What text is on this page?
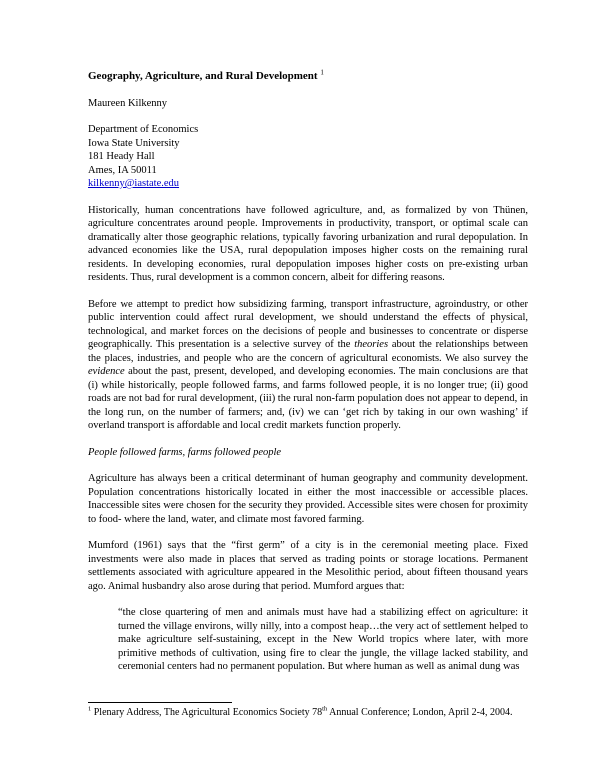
Geography, Agriculture, and Rural Development $^1$
Maureen Kilkenny
Department of Economics
Iowa State University
181 Heady Hall
Ames, IA 50011
kilkenny@iastate.edu

Historically, human concentrations have followed agriculture, and, as formalized by von Thünen, agriculture concentrates around people. Improvements in productivity, transport, or optimal scale can dramatically alter those geographic relations, typically favoring urbanization and rural depopulation. In advanced economies like the USA, rural depopulation imposes higher costs on the remaining rural residents. In developing economies, rural depopulation imposes higher costs on pre-existing urban residents. Thus, rural development is a common concern, albeit for differing reasons.

Before we attempt to predict how subsidizing farming, transport infrastructure, agroindustry, or other public intervention could affect rural development, we should understand the effects of physical, technological, and market forces on the decisions of people and businesses to concentrate or disperse geographically. This presentation is a selective survey of the theories about the relationships between the places, industries, and people who are the concern of agricultural economists. We also survey the evidence about the past, present, developed, and developing economies. The main conclusions are that (i) while historically, people followed farms, and farms followed people, it is no longer true; (ii) good roads are not bad for rural development, (iii) the rural non-farm population does not appear to depend, in the long run, on the number of farmers; and, (iv) we can ‘get rich by taking in our own washing’ if overland transport is affordable and local credit markets function properly.

People followed farms, farms followed people

Agriculture has always been a critical determinant of human geography and community development. Population concentrations historically located in either the most inaccessible or accessible places. Inaccessible sites were chosen for the security they provided. Accessible sites were chosen for proximity to food- where the land, water, and climate most favored farming.

Mumford (1961) says that the “first germ” of a city is in the ceremonial meeting place. Fixed investments were also made in places that served as trading points or storage locations. Permanent settlements associated with agriculture appeared in the Mesolithic period, about fifteen thousand years ago. Animal husbandry also arose during that period. Mumford argues that:

“the close quartering of men and animals must have had a stabilizing effect on agriculture: it turned the village environs, willy nilly, into a compost heap…the very act of settlement helped to make agriculture self-sustaining, except in the New World tropics where later, with more primitive methods of cultivation, using fire to clear the jungle, the village lacked stability, and ceremonial centers had no permanent population. But where human as well as animal dung was

$^1$ Plenary Address, The Agricultural Economics Society 78th Annual Conference; London, April 2-4, 2004.
